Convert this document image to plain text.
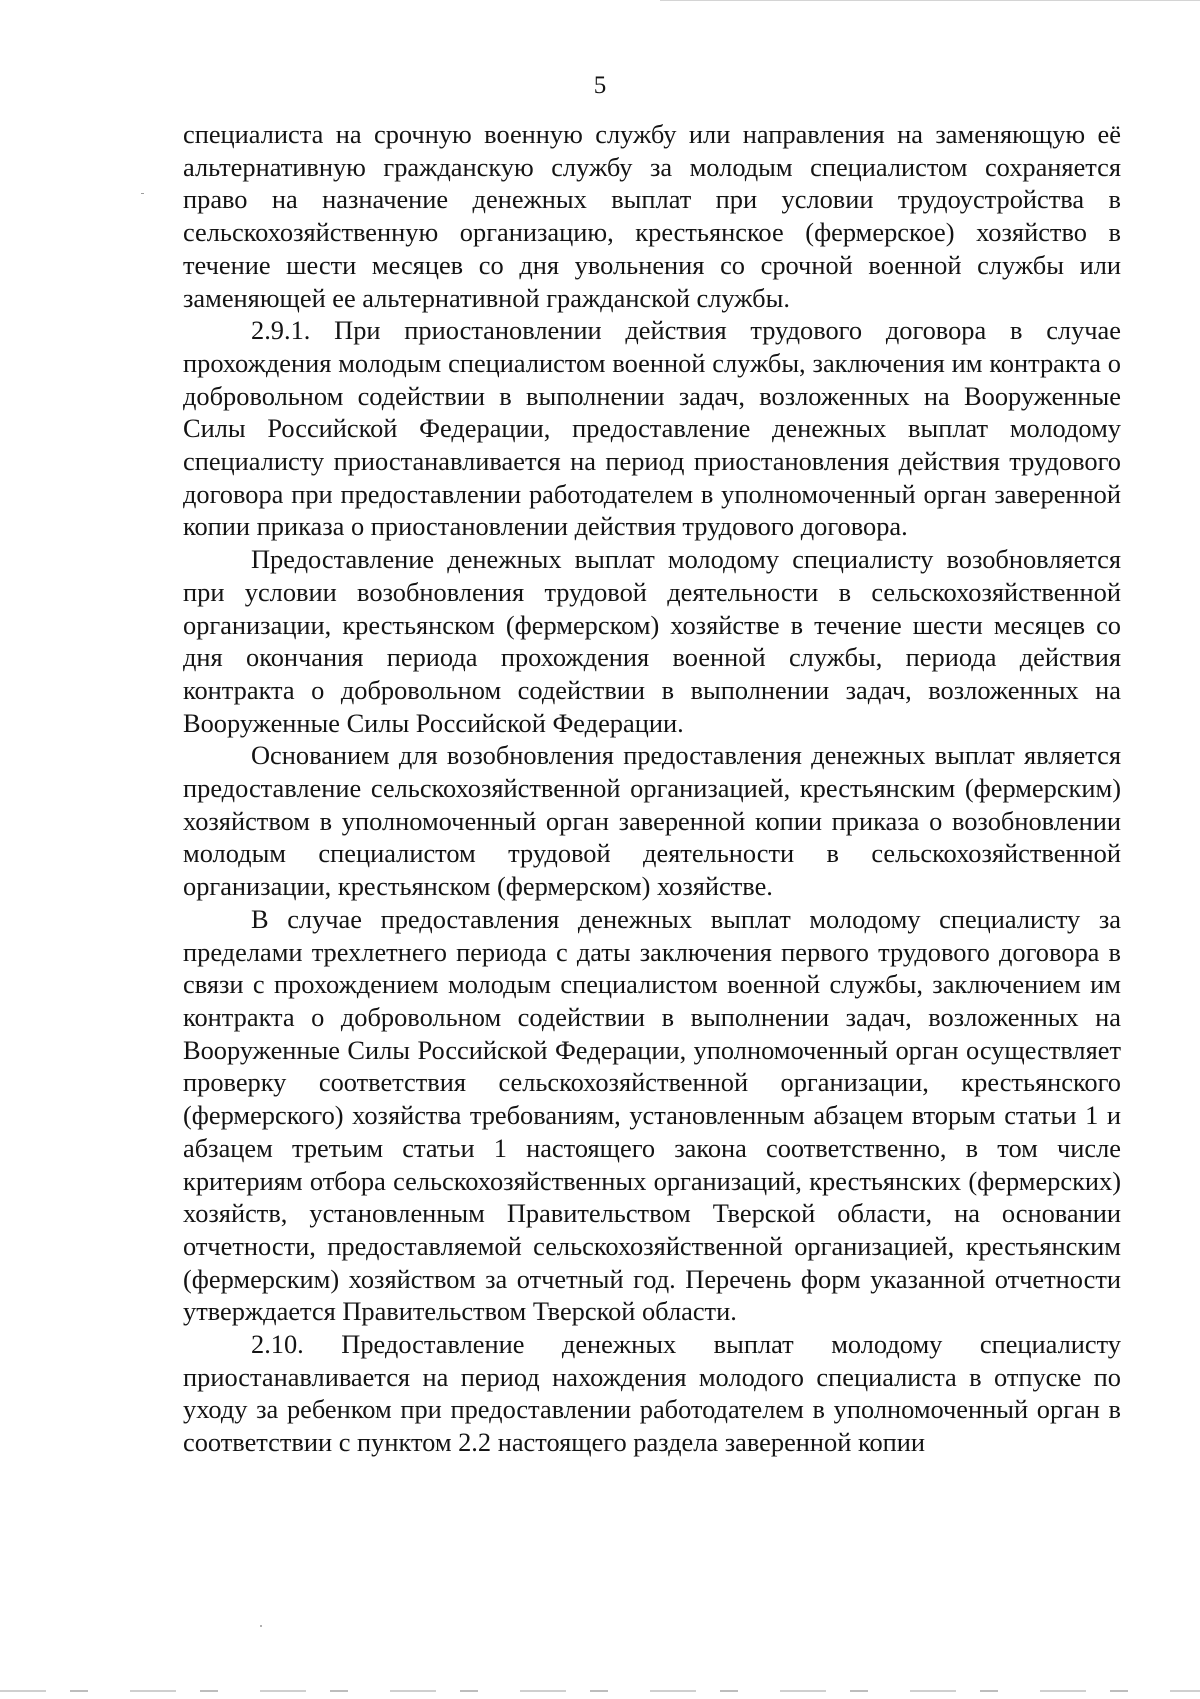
5

специалиста на срочную военную службу или направления на заменяющую её альтернативную гражданскую службу за молодым специалистом сохраняется право на назначение денежных выплат при условии трудоустройства в сельскохозяйственную организацию, крестьянское (фермерское) хозяйство в течение шести месяцев со дня увольнения со срочной военной службы или заменяющей ее альтернативной гражданской службы.

2.9.1. При приостановлении действия трудового договора в случае прохождения молодым специалистом военной службы, заключения им контракта о добровольном содействии в выполнении задач, возложенных на Вооруженные Силы Российской Федерации, предоставление денежных выплат молодому специалисту приостанавливается на период приостановления действия трудового договора при предоставлении работодателем в уполномоченный орган заверенной копии приказа о приостановлении действия трудового договора.

Предоставление денежных выплат молодому специалисту возобновляется при условии возобновления трудовой деятельности в сельскохозяйственной организации, крестьянском (фермерском) хозяйстве в течение шести месяцев со дня окончания периода прохождения военной службы, периода действия контракта о добровольном содействии в выполнении задач, возложенных на Вооруженные Силы Российской Федерации.

Основанием для возобновления предоставления денежных выплат является предоставление сельскохозяйственной организацией, крестьянским (фермерским) хозяйством в уполномоченный орган заверенной копии приказа о возобновлении молодым специалистом трудовой деятельности в сельскохозяйственной организации, крестьянском (фермерском) хозяйстве.

В случае предоставления денежных выплат молодому специалисту за пределами трехлетнего периода с даты заключения первого трудового договора в связи с прохождением молодым специалистом военной службы, заключением им контракта о добровольном содействии в выполнении задач, возложенных на Вооруженные Силы Российской Федерации, уполномоченный орган осуществляет проверку соответствия сельскохозяйственной организации, крестьянского (фермерского) хозяйства требованиям, установленным абзацем вторым статьи 1 и абзацем третьим статьи 1 настоящего закона соответственно, в том числе критериям отбора сельскохозяйственных организаций, крестьянских (фермерских) хозяйств, установленным Правительством Тверской области, на основании отчетности, предоставляемой сельскохозяйственной организацией, крестьянским (фермерским) хозяйством за отчетный год. Перечень форм указанной отчетности утверждается Правительством Тверской области.

2.10. Предоставление денежных выплат молодому специалисту приостанавливается на период нахождения молодого специалиста в отпуске по уходу за ребенком при предоставлении работодателем в уполномоченный орган в соответствии с пунктом 2.2 настоящего раздела заверенной копии
